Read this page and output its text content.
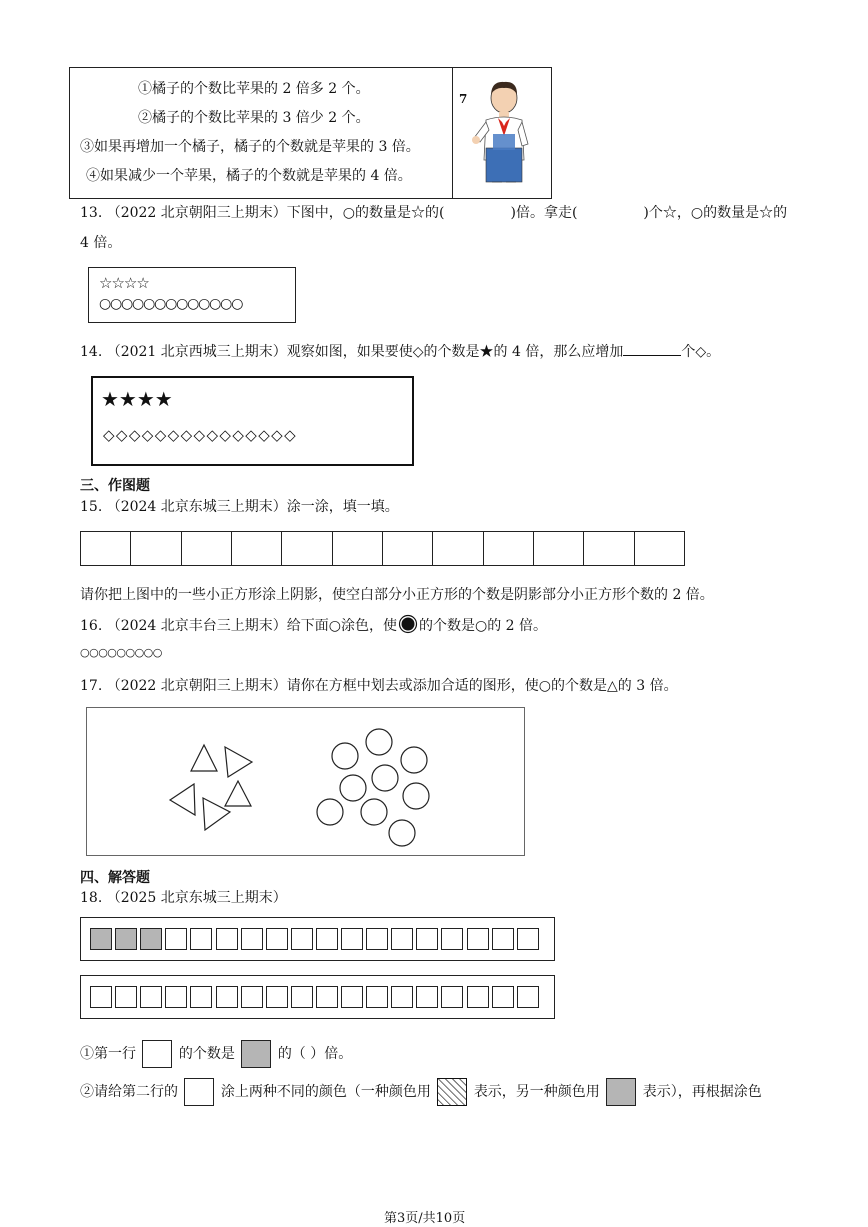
①橘子的个数比苹果的 2 倍多 2 个。
②橘子的个数比苹果的 3 倍少 2 个。
③如果再增加一个橘子，橘子的个数就是苹果的 3 倍。
④如果减少一个苹果，橘子的个数就是苹果的 4 倍。
7
13. （2022 北京朝阳三上期末）下图中，○的数量是☆的(	)倍。拿走(	)个☆，○的数量是☆的
4 倍。
☆☆☆☆
○○○○○○○○○○○○○
14. （2021 北京西城三上期末）观察如图，如果要使◇的个数是★的 4 倍，那么应增加	个◇。
★★★★
◇◇◇◇◇◇◇◇◇◇◇◇◇◇◇
三、作图题
15. （2024 北京东城三上期末）涂一涂，填一填。
请你把上图中的一些小正方形涂上阴影，使空白部分小正方形的个数是阴影部分小正方形个数的 2 倍。
16. （2024 北京丰台三上期末）给下面○涂色，使 的个数是○的 2 倍。
○○○○○○○○○
17. （2022 北京朝阳三上期末）请你在方框中划去或添加合适的图形，使○的个数是△的 3 倍。
四、解答题
18. （2025 北京东城三上期末）
①第一行	的个数是	的（ ）倍。
②请给第二行的	涂上两种不同的颜色（一种颜色用	表示，另一种颜色用	表示），再根据涂色
第3页/共10页
